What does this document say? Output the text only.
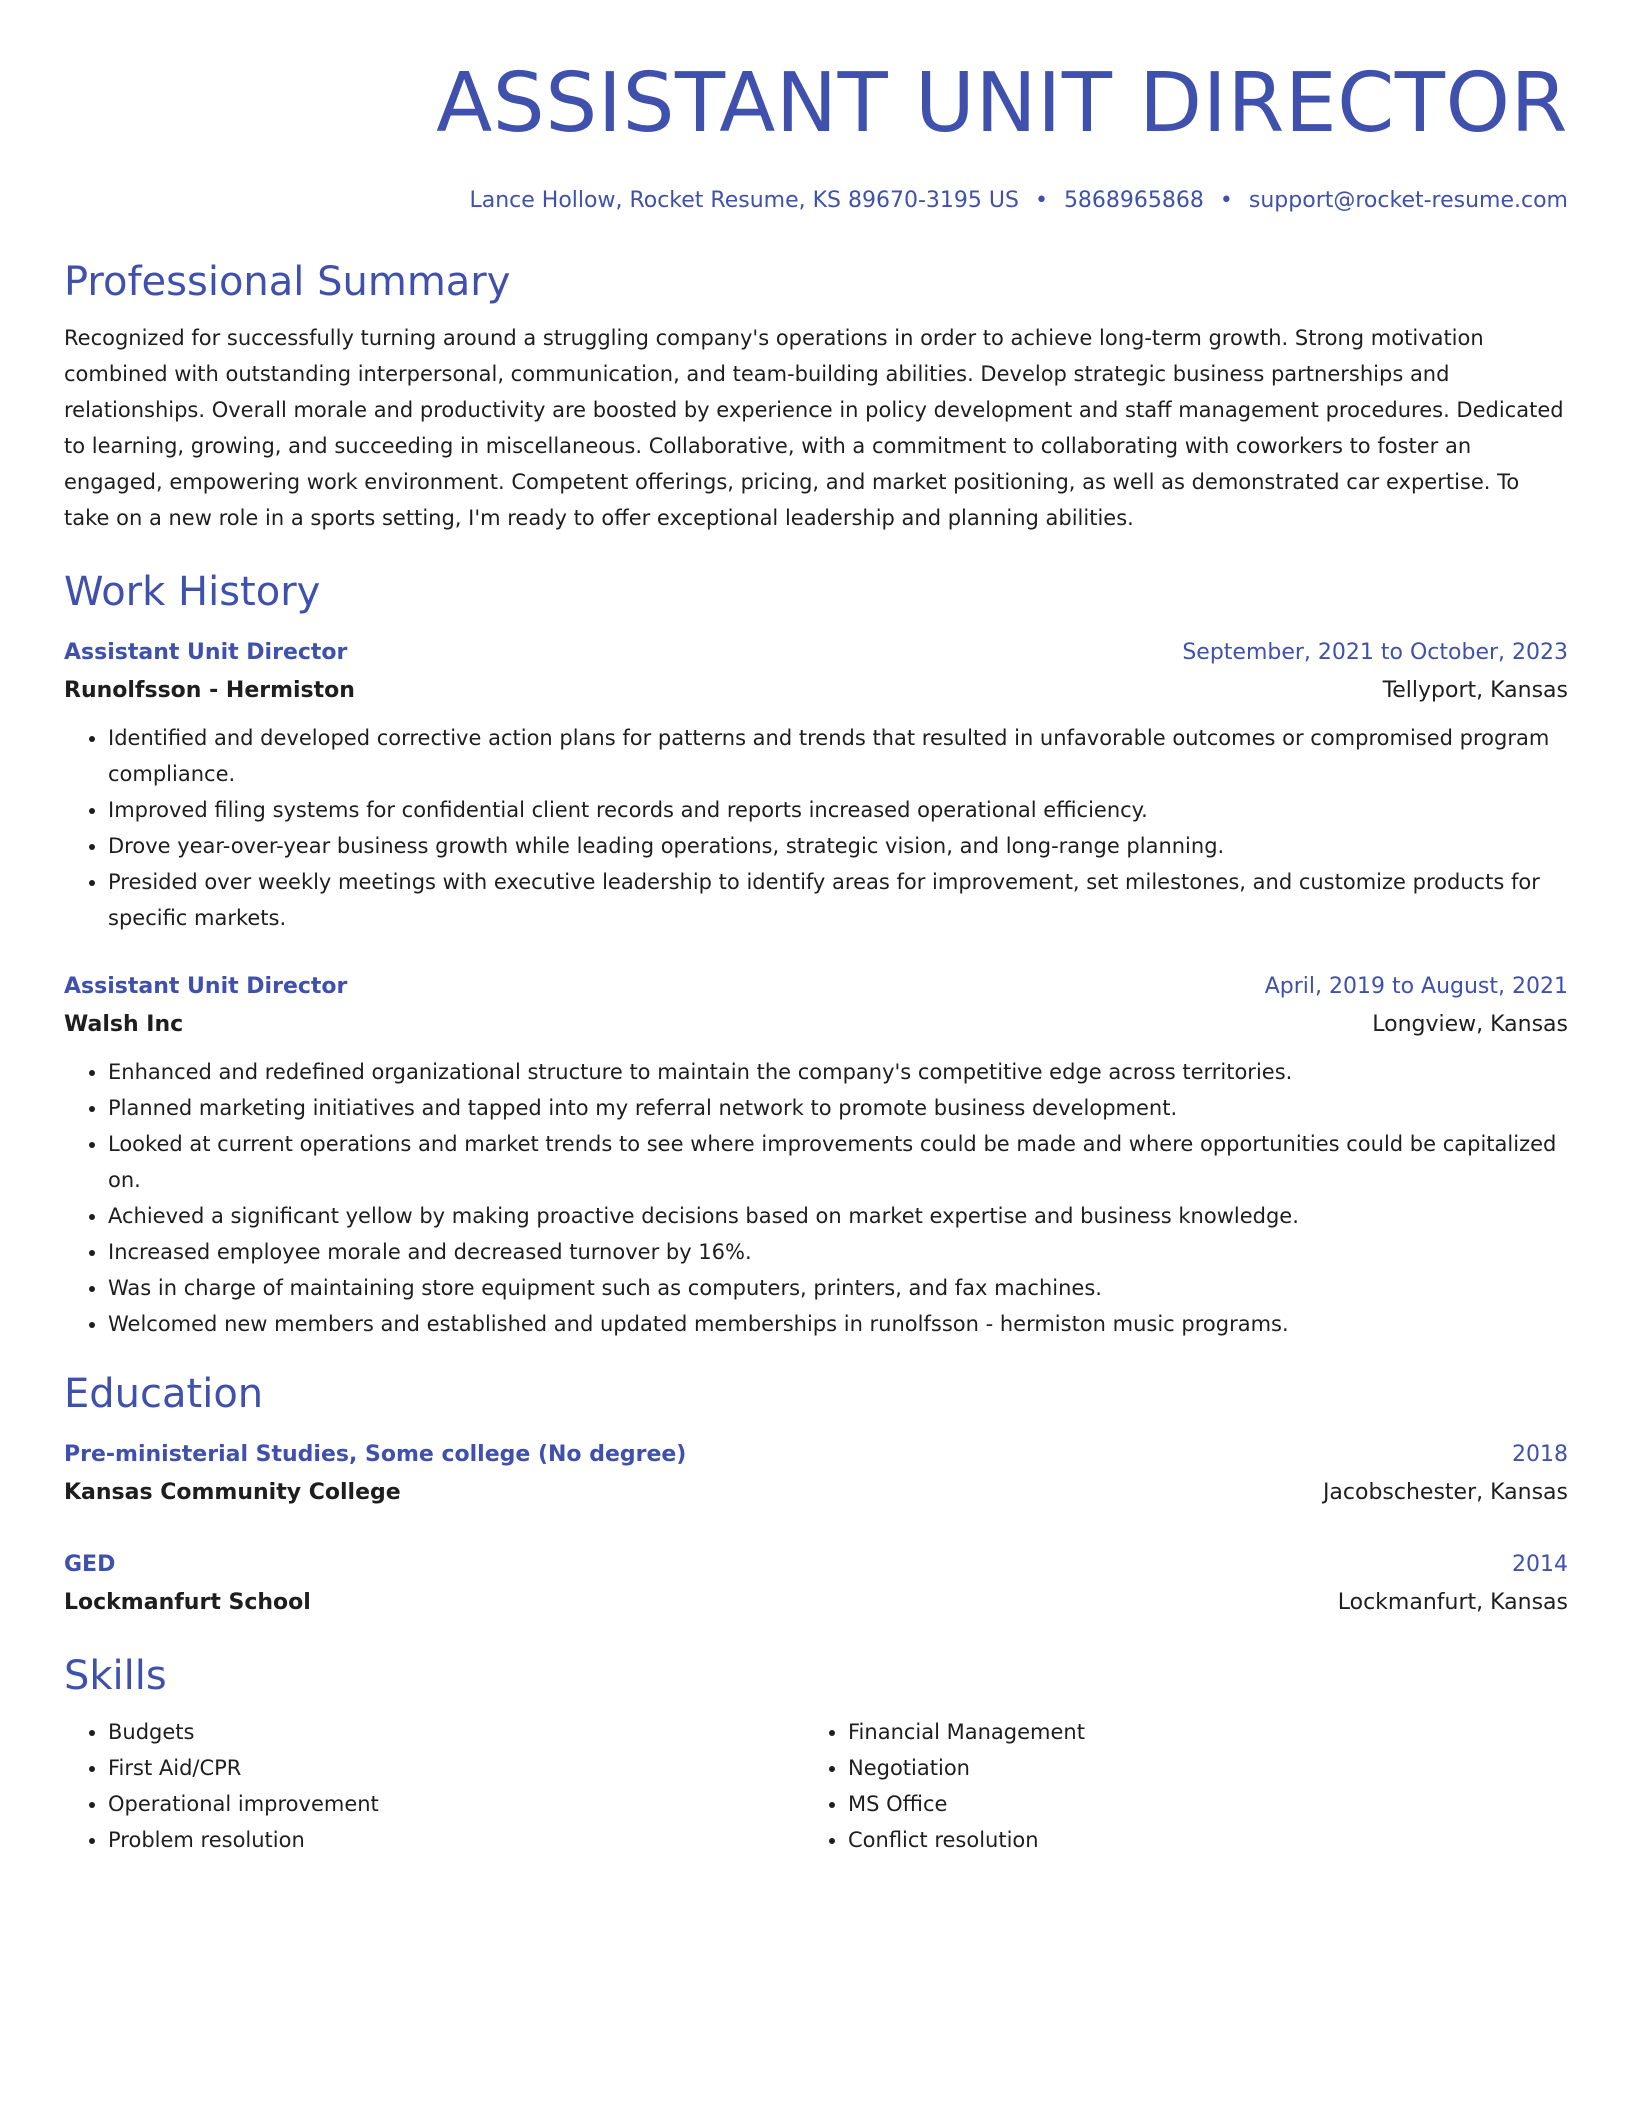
ASSISTANT UNIT DIRECTOR
Lance Hollow, Rocket Resume, KS 89670-3195 US • 5868965868 • support@rocket-resume.com
Professional Summary
Recognized for successfully turning around a struggling company's operations in order to achieve long-term growth. Strong motivation combined with outstanding interpersonal, communication, and team-building abilities. Develop strategic business partnerships and relationships. Overall morale and productivity are boosted by experience in policy development and staff management procedures. Dedicated to learning, growing, and succeeding in miscellaneous. Collaborative, with a commitment to collaborating with coworkers to foster an engaged, empowering work environment. Competent offerings, pricing, and market positioning, as well as demonstrated car expertise. To take on a new role in a sports setting, I'm ready to offer exceptional leadership and planning abilities.
Work History
Assistant Unit Director	September, 2021 to October, 2023
Runolfsson - Hermiston	Tellyport, Kansas
• Identified and developed corrective action plans for patterns and trends that resulted in unfavorable outcomes or compromised program compliance.
• Improved filing systems for confidential client records and reports increased operational efficiency.
• Drove year-over-year business growth while leading operations, strategic vision, and long-range planning.
• Presided over weekly meetings with executive leadership to identify areas for improvement, set milestones, and customize products for specific markets.
Assistant Unit Director	April, 2019 to August, 2021
Walsh Inc	Longview, Kansas
• Enhanced and redefined organizational structure to maintain the company's competitive edge across territories.
• Planned marketing initiatives and tapped into my referral network to promote business development.
• Looked at current operations and market trends to see where improvements could be made and where opportunities could be capitalized on.
• Achieved a significant yellow by making proactive decisions based on market expertise and business knowledge.
• Increased employee morale and decreased turnover by 16%.
• Was in charge of maintaining store equipment such as computers, printers, and fax machines.
• Welcomed new members and established and updated memberships in runolfsson - hermiston music programs.
Education
Pre-ministerial Studies, Some college (No degree)	2018
Kansas Community College	Jacobschester, Kansas
GED	2014
Lockmanfurt School	Lockmanfurt, Kansas
Skills
• Budgets
• First Aid/CPR
• Operational improvement
• Problem resolution
• Financial Management
• Negotiation
• MS Office
• Conflict resolution
